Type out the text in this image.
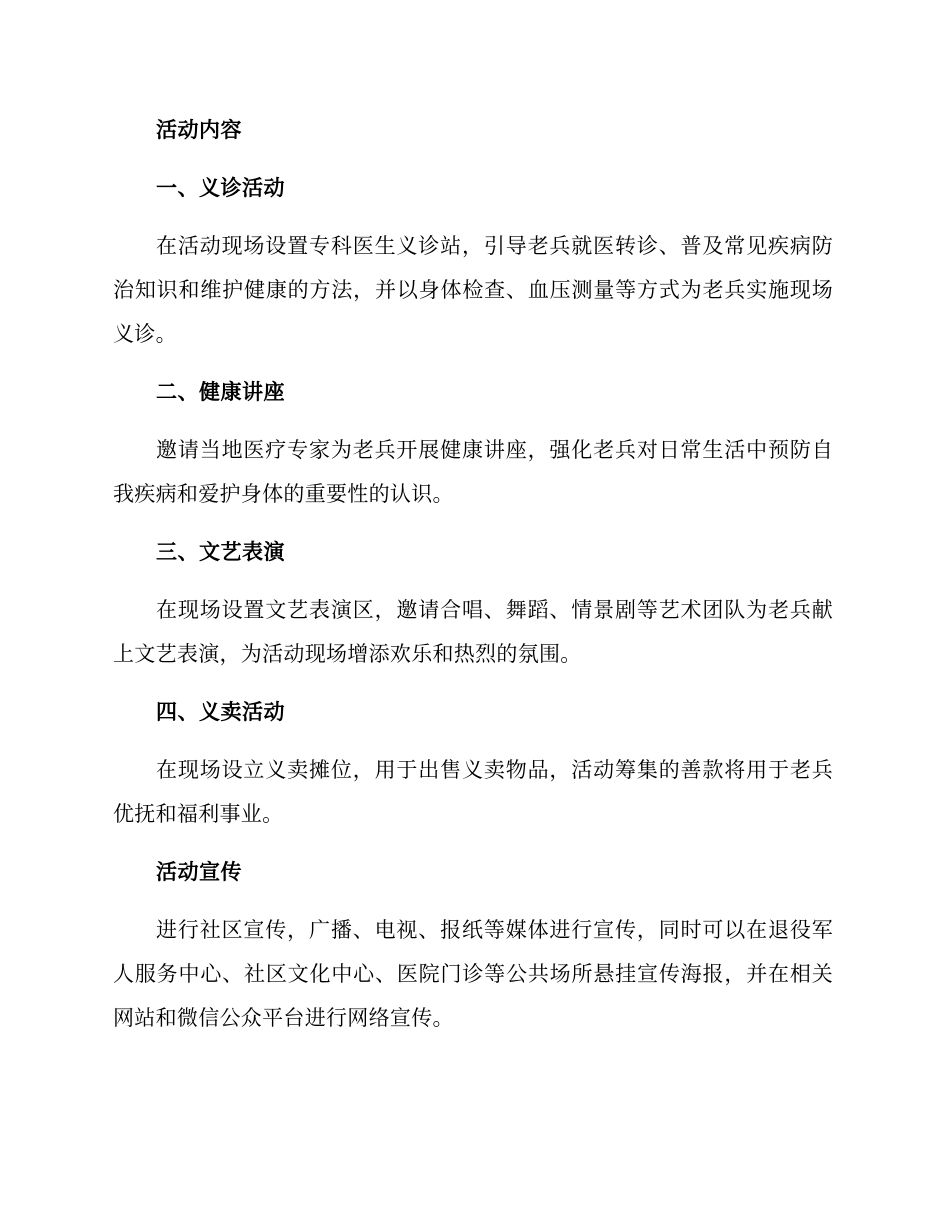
活动内容
一、义诊活动
在活动现场设置专科医生义诊站，引导老兵就医转诊、普及常见疾病防治知识和维护健康的方法，并以身体检查、血压测量等方式为老兵实施现场义诊。
二、健康讲座
邀请当地医疗专家为老兵开展健康讲座，强化老兵对日常生活中预防自我疾病和爱护身体的重要性的认识。
三、文艺表演
在现场设置文艺表演区，邀请合唱、舞蹈、情景剧等艺术团队为老兵献上文艺表演，为活动现场增添欢乐和热烈的氛围。
四、义卖活动
在现场设立义卖摊位，用于出售义卖物品，活动筹集的善款将用于老兵优抚和福利事业。
活动宣传
进行社区宣传，广播、电视、报纸等媒体进行宣传，同时可以在退役军人服务中心、社区文化中心、医院门诊等公共场所悬挂宣传海报，并在相关网站和微信公众平台进行网络宣传。
